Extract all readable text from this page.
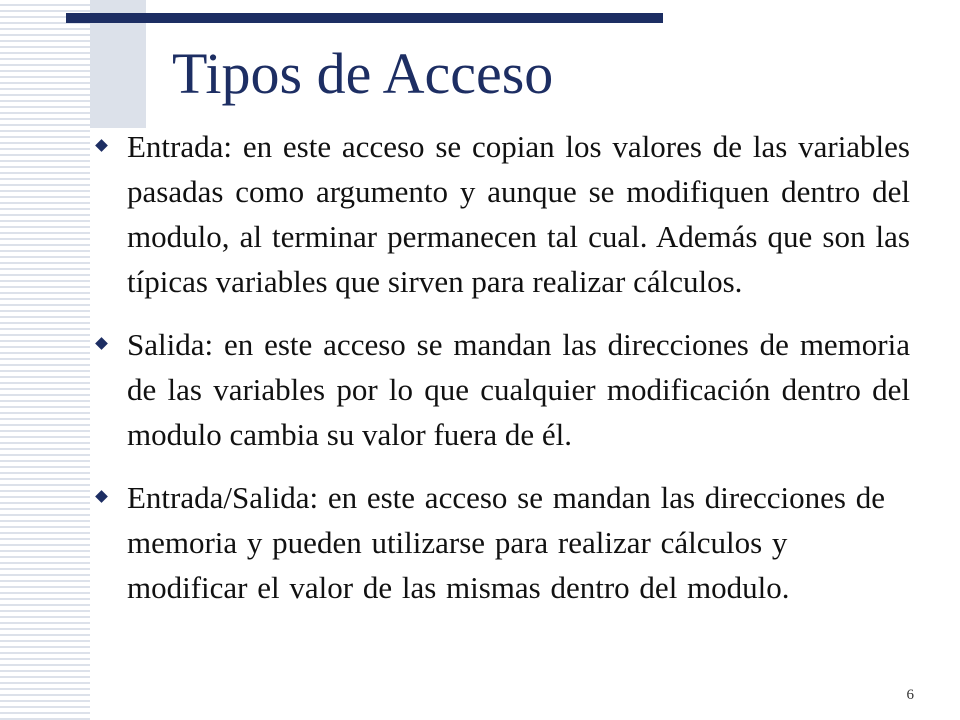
Tipos de Acceso
Entrada: en este acceso se copian los valores de las variables pasadas como argumento y aunque se modifiquen dentro del modulo, al terminar permanecen tal cual. Además que son las típicas variables que sirven para realizar cálculos.
Salida: en este acceso se mandan las direcciones de memoria de las variables por lo que cualquier modificación dentro del modulo cambia su valor fuera de él.
Entrada/Salida: en este acceso se mandan las direcciones de memoria y pueden utilizarse para realizar cálculos y modificar el valor de las mismas dentro del modulo.
6
